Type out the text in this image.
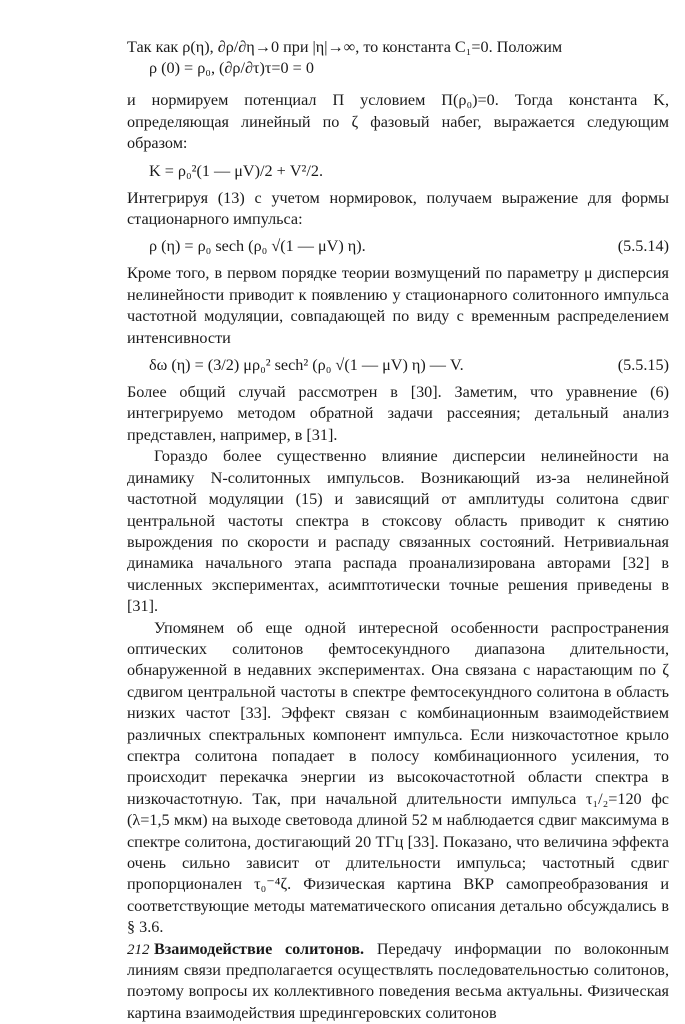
Так как ρ(η), ∂ρ/∂η→0 при |η|→∞, то константа C₁=0. Положим

ρ (0) = ρ₀, (∂ρ/∂τ)τ=0 = 0

и нормируем потенциал Π условием Π(ρ₀)=0. Тогда константа K, определяющая линейный по ζ фазовый набег, выражается следующим образом:

K = ρ₀²(1 — μV)/2 + V²/2.

Интегрируя (13) с учетом нормировок, получаем выражение для формы стационарного импульса:

ρ (η) = ρ₀ sech (ρ₀ √(1 — μV) η).	(5.5.14)

Кроме того, в первом порядке теории возмущений по параметру μ дисперсия нелинейности приводит к появлению у стационарного солитонного импульса частотной модуляции, совпадающей по виду с временным распределением интенсивности

δω (η) = (3/2) μρ₀² sech² (ρ₀ √(1 — μV) η) — V.	(5.5.15)

Более общий случай рассмотрен в [30]. Заметим, что уравнение (6) интегрируемо методом обратной задачи рассеяния; детальный анализ представлен, например, в [31].

Гораздо более существенно влияние дисперсии нелинейности на динамику N-солитонных импульсов. Возникающий из-за нелинейной частотной модуляции (15) и зависящий от амплитуды солитона сдвиг центральной частоты спектра в стоксову область приводит к снятию вырождения по скорости и распаду связанных состояний. Нетривиальная динамика начального этапа распада проанализирована авторами [32] в численных экспериментах, асимптотически точные решения приведены в [31].

Упомянем об еще одной интересной особенности распространения оптических солитонов фемтосекундного диапазона длительности, обнаруженной в недавних экспериментах. Она связана с нарастающим по ζ сдвигом центральной частоты в спектре фемтосекундного солитона в область низких частот [33]. Эффект связан с комбинационным взаимодействием различных спектральных компонент импульса. Если низкочастотное крыло спектра солитона попадает в полосу комбинационного усиления, то происходит перекачка энергии из высокочастотной области спектра в низкочастотную. Так, при начальной длительности импульса τ₁/₂=120 фс (λ=1,5 мкм) на выходе световода длиной 52 м наблюдается сдвиг максимума в спектре солитона, достигающий 20 ТГц [33]. Показано, что величина эффекта очень сильно зависит от длительности импульса; частотный сдвиг пропорционален τ₀⁻⁴ζ. Физическая картина ВКР самопреобразования и соответствующие методы математического описания детально обсуждались в § 3.6.

Взаимодействие солитонов. Передачу информации по волоконным линиям связи предполагается осуществлять последовательностью солитонов, поэтому вопросы их коллективного поведения весьма актуальны. Физическая картина взаимодействия шредингеровских солитонов

212
